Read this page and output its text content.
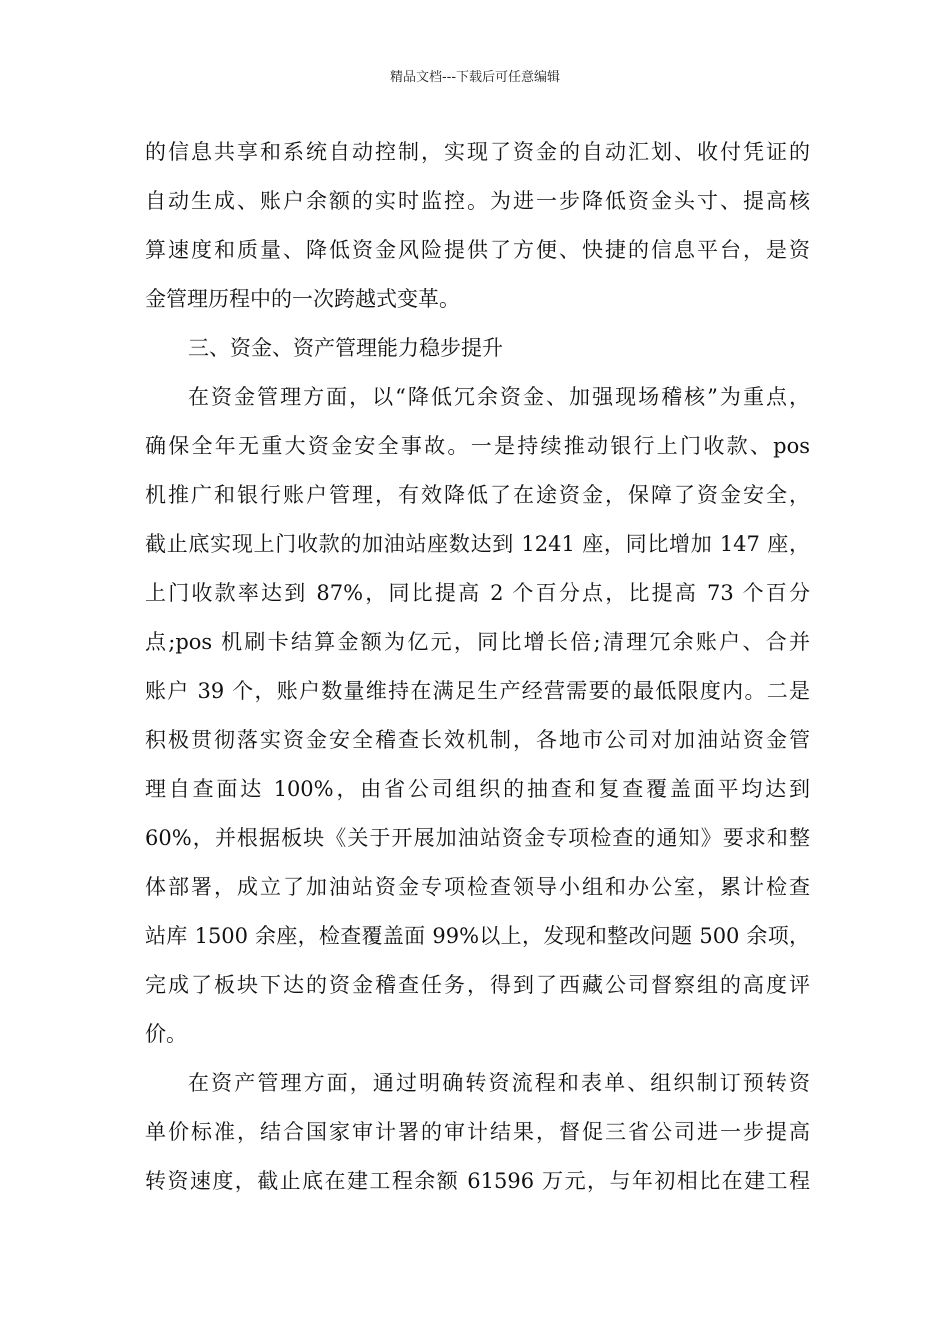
精品文档---下载后可任意编辑
的信息共享和系统自动控制，实现了资金的自动汇划、收付凭证的
自动生成、账户余额的实时监控。为进一步降低资金头寸、提高核
算速度和质量、降低资金风险提供了方便、快捷的信息平台，是资
金管理历程中的一次跨越式变革。
三、资金、资产管理能力稳步提升
在资金管理方面，以“降低冗余资金、加强现场稽核”为重点，
确保全年无重大资金安全事故。一是持续推动银行上门收款、pos
机推广和银行账户管理，有效降低了在途资金，保障了资金安全，
截止底实现上门收款的加油站座数达到 1241 座，同比增加 147 座，
上门收款率达到 87%，同比提高 2 个百分点，比提高 73 个百分
点;pos 机刷卡结算金额为亿元，同比增长倍;清理冗余账户、合并
账户 39 个，账户数量维持在满足生产经营需要的最低限度内。二是
积极贯彻落实资金安全稽查长效机制，各地市公司对加油站资金管
理自查面达 100%，由省公司组织的抽查和复查覆盖面平均达到
60%，并根据板块《关于开展加油站资金专项检查的通知》要求和整
体部署，成立了加油站资金专项检查领导小组和办公室，累计检查
站库 1500 余座，检查覆盖面 99%以上，发现和整改问题 500 余项，
完成了板块下达的资金稽查任务，得到了西藏公司督察组的高度评
价。
在资产管理方面，通过明确转资流程和表单、组织制订预转资
单价标准，结合国家审计署的审计结果，督促三省公司进一步提高
转资速度，截止底在建工程余额 61596 万元，与年初相比在建工程
